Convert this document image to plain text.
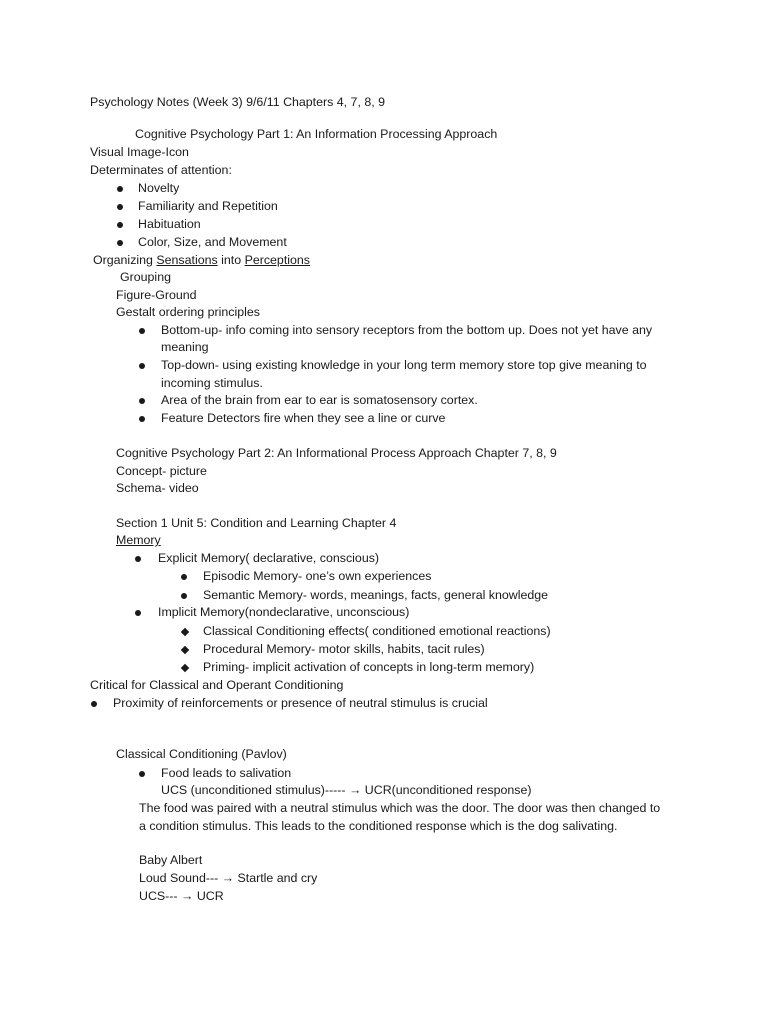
Psychology Notes (Week 3) 9/6/11 Chapters 4, 7, 8, 9
Cognitive Psychology Part 1: An Information Processing Approach
Visual Image-Icon
Determinates of attention:
Novelty
Familiarity and Repetition
Habituation
Color, Size, and Movement
Organizing Sensations into Perceptions
Grouping
Figure-Ground
Gestalt ordering principles
Bottom-up- info coming into sensory receptors from the bottom up. Does not yet have any
meaning
Top-down- using existing knowledge in your long term memory store top give meaning to
incoming stimulus.
Area of the brain from ear to ear is somatosensory cortex.
Feature Detectors fire when they see a line or curve
Cognitive Psychology Part 2: An Informational Process Approach Chapter 7, 8, 9
Concept- picture
Schema- video
Section 1 Unit 5: Condition and Learning Chapter 4
Memory
Explicit Memory( declarative, conscious)
Episodic Memory- one’s own experiences
Semantic Memory- words, meanings, facts, general knowledge
Implicit Memory(nondeclarative, unconscious)
Classical Conditioning effects( conditioned emotional reactions)
Procedural Memory- motor skills, habits, tacit rules)
Priming- implicit activation of concepts in long-term memory)
Critical for Classical and Operant Conditioning
Proximity of reinforcements or presence of neutral stimulus is crucial
Classical Conditioning (Pavlov)
Food leads to salivation
UCS (unconditioned stimulus)----- → UCR(unconditioned response)
The food was paired with a neutral stimulus which was the door. The door was then changed to
a condition stimulus. This leads to the conditioned response which is the dog salivating.
Baby Albert
Loud Sound--- → Startle and cry
UCS--- → UCR
